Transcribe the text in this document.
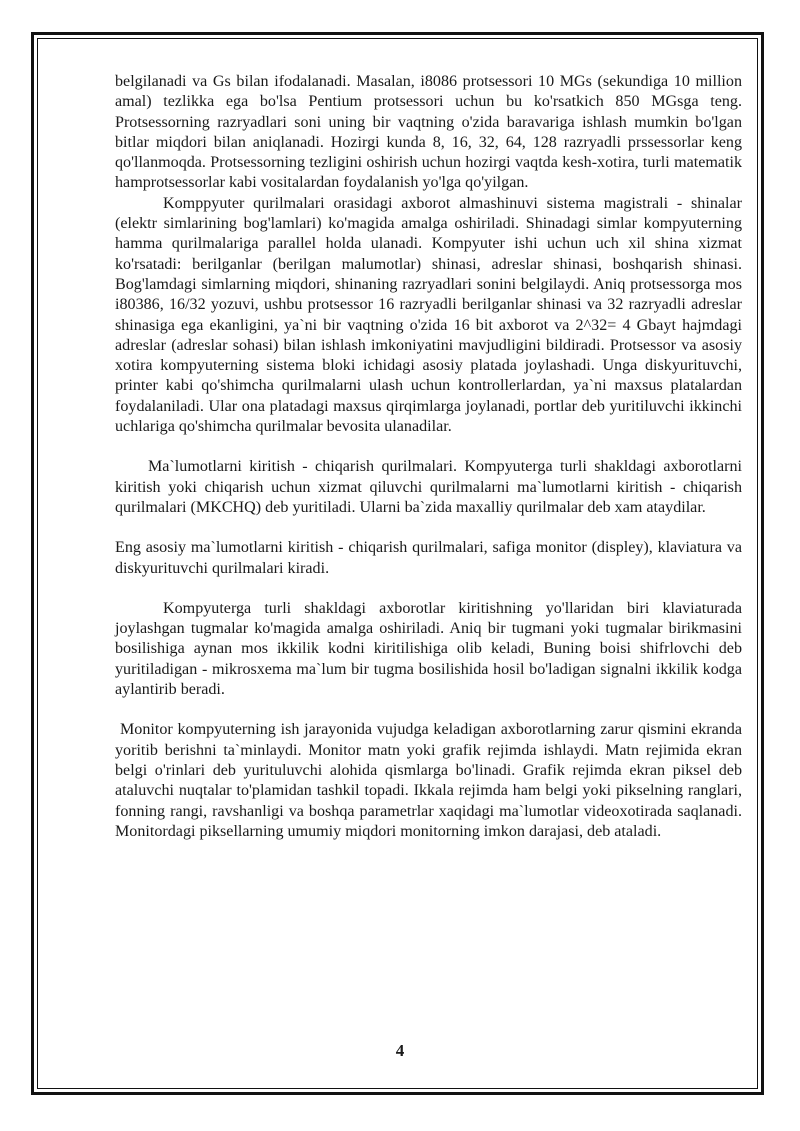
belgilanadi va Gs bilan ifodalanadi. Masalan, i8086 protsessori 10 MGs (sekundiga 10 million amal) tezlikka ega bo'lsa Pentium protsessori uchun bu ko'rsatkich 850 MGsga teng. Protsessorning razryadlari soni uning bir vaqtning o'zida baravariga ishlash mumkin bo'lgan bitlar miqdori bilan aniqlanadi. Hozirgi kunda 8, 16, 32, 64, 128 razryadli prssessorlar keng qo'llanmoqda. Protsessorning tezligini oshirish uchun hozirgi vaqtda kesh-xotira, turli matematik hamprotsessorlar kabi vositalardan foydalanish yo'lga qo'yilgan.

Komppyuter qurilmalari orasidagi axborot almashinuvi sistema magistrali - shinalar (elektr simlarining bog'lamlari) ko'magida amalga oshiriladi. Shinadagi simlar kompyuterning hamma qurilmalariga parallel holda ulanadi. Kompyuter ishi uchun uch xil shina xizmat ko'rsatadi: berilganlar (berilgan malumotlar) shinasi, adreslar shinasi, boshqarish shinasi. Bog'lamdagi simlarning miqdori, shinaning razryadlari sonini belgilaydi. Aniq protsessorga mos i80386, 16/32 yozuvi, ushbu protsessor 16 razryadli berilganlar shinasi va 32 razryadli adreslar shinasiga ega ekanligini, ya`ni bir vaqtning o'zida 16 bit axborot va 2^32= 4 Gbayt hajmdagi adreslar (adreslar sohasi) bilan ishlash imkoniyatini mavjudligini bildiradi. Protsessor va asosiy xotira kompyuterning sistema bloki ichidagi asosiy platada joylashadi. Unga diskyurituvchi, printer kabi qo'shimcha qurilmalarni ulash uchun kontrollerlardan, ya`ni maxsus platalardan foydalaniladi. Ular ona platadagi maxsus qirqimlarga joylanadi, portlar deb yuritiluvchi ikkinchi uchlariga qo'shimcha qurilmalar bevosita ulanadilar.

Ma`lumotlarni kiritish - chiqarish qurilmalari. Kompyuterga turli shakldagi axborotlarni kiritish yoki chiqarish uchun xizmat qiluvchi qurilmalarni ma`lumotlarni kiritish - chiqarish qurilmalari (MKCHQ) deb yuritiladi. Ularni ba`zida maxalliy qurilmalar deb xam ataydilar.

Eng asosiy ma`lumotlarni kiritish - chiqarish qurilmalari, safiga monitor (displey), klaviatura va diskyurituvchi qurilmalari kiradi.

Kompyuterga turli shakldagi axborotlar kiritishning yo'llaridan biri klaviaturada joylashgan tugmalar ko'magida amalga oshiriladi. Aniq bir tugmani yoki tugmalar birikmasini bosilishiga aynan mos ikkilik kodni kiritilishiga olib keladi, Buning boisi shifrlovchi deb yuritiladigan - mikrosxema ma`lum bir tugma bosilishida hosil bo'ladigan signalni ikkilik kodga aylantirib beradi.

Monitor kompyuterning ish jarayonida vujudga keladigan axborotlarning zarur qismini ekranda yoritib berishni ta`minlaydi. Monitor matn yoki grafik rejimda ishlaydi. Matn rejimida ekran belgi o'rinlari deb yurituluvchi alohida qismlarga bo'linadi. Grafik rejimda ekran piksel deb ataluvchi nuqtalar to'plamidan tashkil topadi. Ikkala rejimda ham belgi yoki pikselning ranglari, fonning rangi, ravshanligi va boshqa parametrlar xaqidagi ma`lumotlar videoxotirada saqlanadi. Monitordagi piksellarning umumiy miqdori monitorning imkon darajasi, deb ataladi.

4
